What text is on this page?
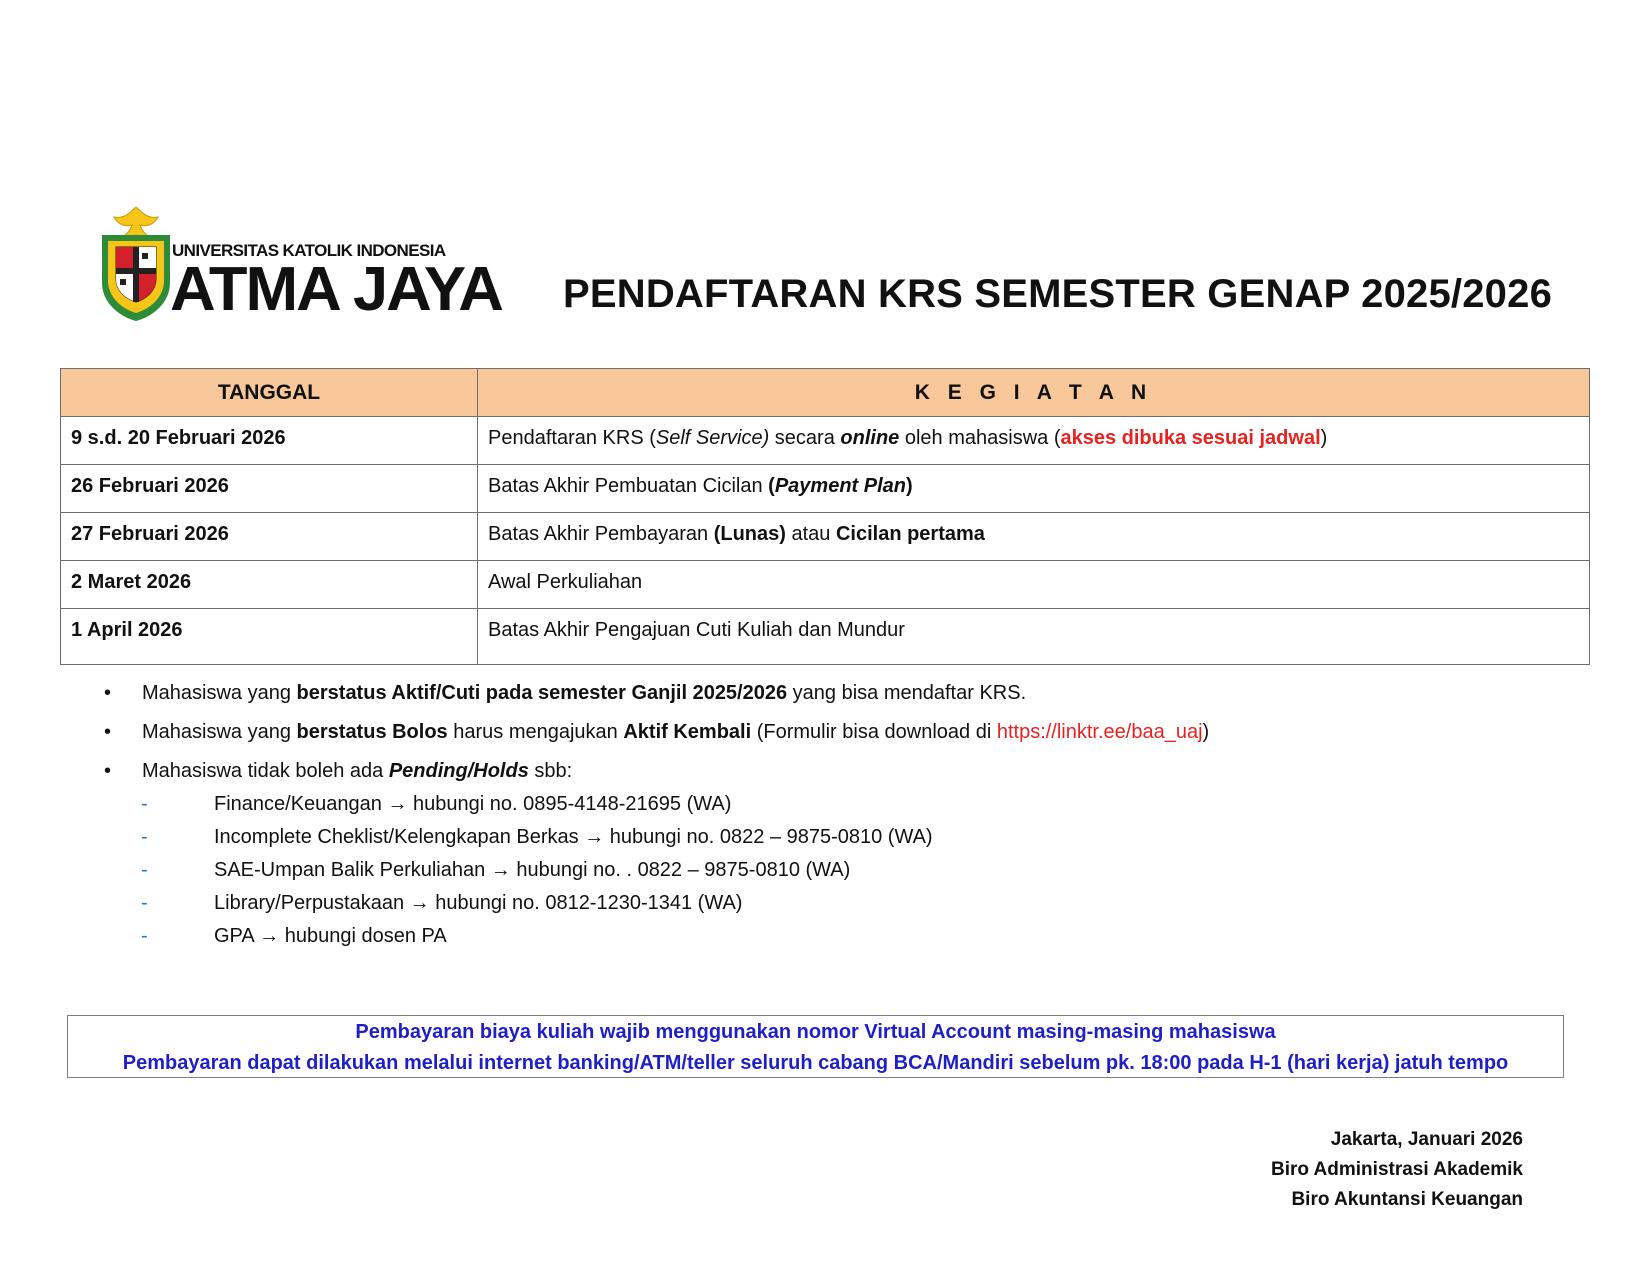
UNIVERSITAS KATOLIK INDONESIA
ATMA JAYA PENDAFTARAN KRS SEMESTER GENAP 2025/2026
TANGGAL	K E G I A T A N
9 s.d. 20 Februari 2026	Pendaftaran KRS (Self Service) secara online oleh mahasiswa (akses dibuka sesuai jadwal)
26 Februari 2026	Batas Akhir Pembuatan Cicilan (Payment Plan)
27 Februari 2026	Batas Akhir Pembayaran (Lunas) atau Cicilan pertama
2 Maret 2026	Awal Perkuliahan
1 April 2026	Batas Akhir Pengajuan Cuti Kuliah dan Mundur
• Mahasiswa yang berstatus Aktif/Cuti pada semester Ganjil 2025/2026 yang bisa mendaftar KRS.
• Mahasiswa yang berstatus Bolos harus mengajukan Aktif Kembali (Formulir bisa download di https://linktr.ee/baa_uaj)
• Mahasiswa tidak boleh ada Pending/Holds sbb:
-	Finance/Keuangan → hubungi no. 0895-4148-21695 (WA)
-	Incomplete Cheklist/Kelengkapan Berkas → hubungi no. 0822 – 9875-0810 (WA)
-	SAE-Umpan Balik Perkuliahan → hubungi no. . 0822 – 9875-0810 (WA)
-	Library/Perpustakaan → hubungi no. 0812-1230-1341 (WA)
-	GPA → hubungi dosen PA
Pembayaran biaya kuliah wajib menggunakan nomor Virtual Account masing-masing mahasiswa
Pembayaran dapat dilakukan melalui internet banking/ATM/teller seluruh cabang BCA/Mandiri sebelum pk. 18:00 pada H-1 (hari kerja) jatuh tempo
Jakarta, Januari 2026
Biro Administrasi Akademik
Biro Akuntansi Keuangan
